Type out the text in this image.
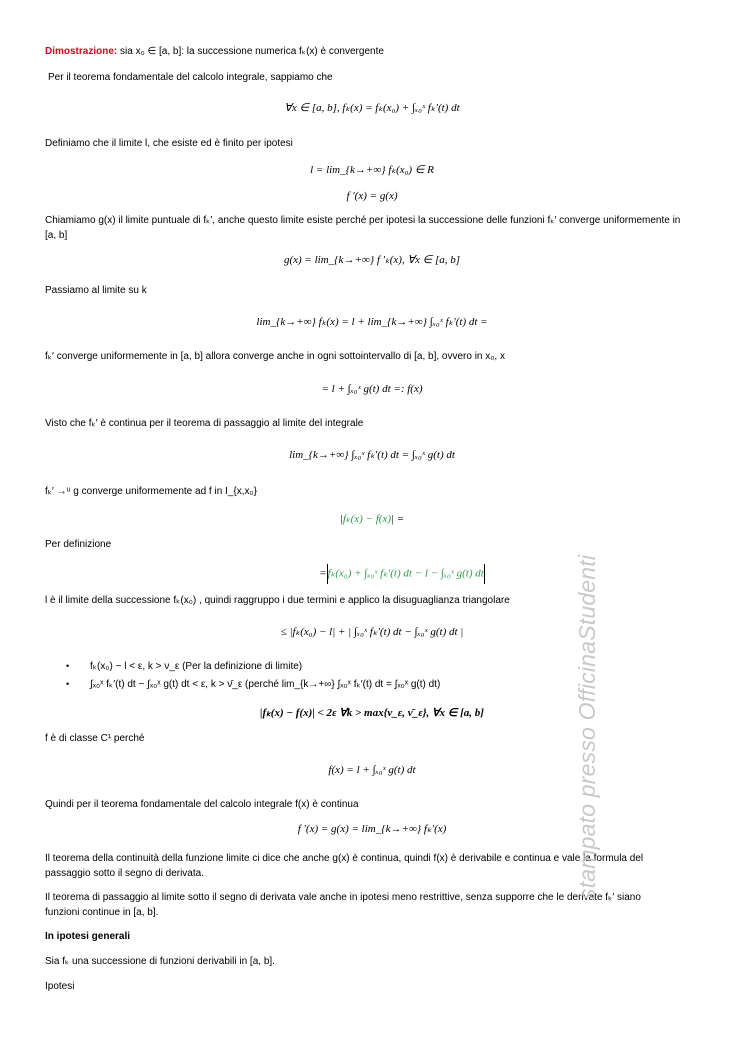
Dimostrazione: sia x₀ ∈ [a, b]: la successione numerica fₖ(x) è convergente
Per il teorema fondamentale del calcolo integrale, sappiamo che
∀x ∈ [a, b], fₖ(x) = fₖ(x₀) + ∫ₓ₀ˣ fₖ′(t) dt
Definiamo che il limite l, che esiste ed è finito per ipotesi
l = lim_{k→+∞} fₖ(x₀) ∈ R
f ′(x) = g(x)
Chiamiamo g(x) il limite puntuale di fₖ′, anche questo limite esiste perché per ipotesi la successione delle funzioni fₖ′ converge uniformemente in [a, b]
g(x) = lim_{k→+∞} f ′ₖ(x), ∀x ∈ [a, b]
Passiamo al limite su k
lim_{k→+∞} fₖ(x) = l + lim_{k→+∞} ∫ₓ₀ˣ fₖ′(t) dt =
fₖ′ converge uniformemente in [a, b] allora converge anche in ogni sottointervallo di [a, b], ovvero in x₀, x
= l + ∫ₓ₀ˣ g(t) dt =: f(x)
Visto che fₖ′ è continua per il teorema di passaggio al limite del integrale
lim_{k→+∞} ∫ₓ₀ˣ fₖ′(t) dt = ∫ₓ₀ˣ g(t) dt
fₖ′ →ᵘ g converge uniformemente ad f in I_{x,x₀}
|fₖ(x) − f(x)| =
Per definizione
=fₖ(x₀) + ∫ₓ₀ˣ fₖ′(t) dt − l − ∫ₓ₀ˣ g(t) dt
l è il limite della successione fₖ(x₀) , quindi raggruppo i due termini e applico la disuguaglianza triangolare
≤ |fₖ(x₀) − l| + | ∫ₓ₀ˣ fₖ′(t) dt − ∫ₓ₀ˣ g(t) dt |
• fₖ(x₀) − l < ε, k > ν_ε (Per la definizione di limite)
• ∫ₓ₀ˣ fₖ′(t) dt − ∫ₓ₀ˣ g(t) dt < ε, k > ν̄_ε (perché lim_{k→+∞} ∫ₓ₀ˣ fₖ′(t) dt = ∫ₓ₀ˣ g(t) dt)
|fₖ(x) − f(x)| < 2ε ∀k > max{ν_ε, ν̄_ε}, ∀x ∈ [a, b]
f è di classe C¹ perché
f(x) = l + ∫ₓ₀ˣ g(t) dt
Quindi per il teorema fondamentale del calcolo integrale f(x) è continua
f ′(x) = g(x) = lim_{k→+∞} fₖ′(x)
Il teorema della continuità della funzione limite ci dice che anche g(x) è continua, quindi f(x) è derivabile e continua e vale la formula del passaggio sotto il segno di derivata.
Il teorema di passaggio al limite sotto il segno di derivata vale anche in ipotesi meno restrittive, senza supporre che le derivate fₖ′ siano funzioni continue in [a, b].
In ipotesi generali
Sia fₖ una successione di funzioni derivabili in [a, b].
Ipotesi
stampato presso OfficinaStudenti
